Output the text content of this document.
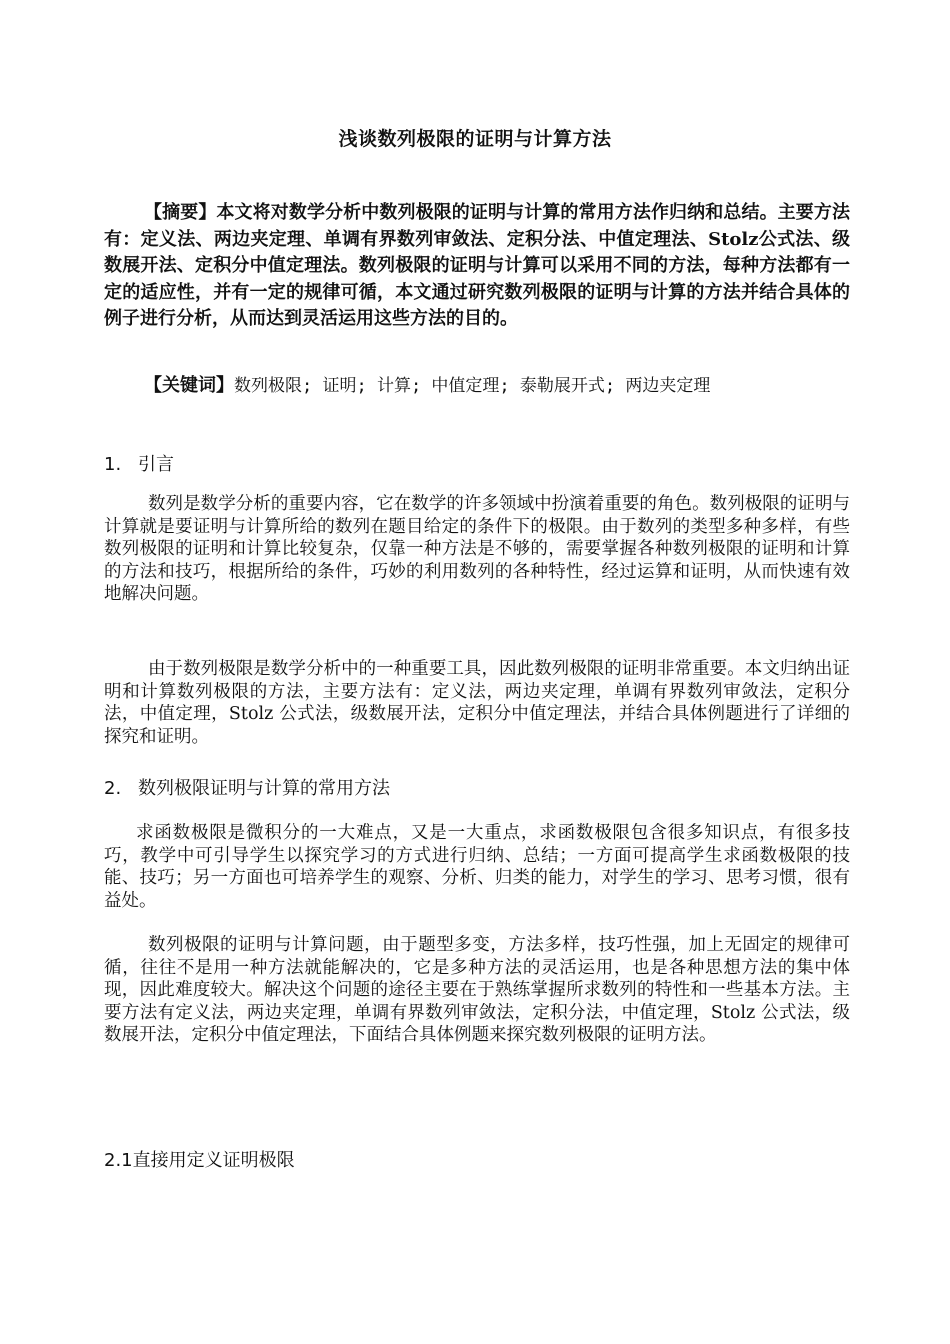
浅谈数列极限的证明与计算方法
【摘要】本文将对数学分析中数列极限的证明与计算的常用方法作归纳和总结。主要方法有：定义法、两边夹定理、单调有界数列审敛法、定积分法、中值定理法、Stolz公式法、级数展开法、定积分中值定理法。数列极限的证明与计算可以采用不同的方法，每种方法都有一定的适应性，并有一定的规律可循，本文通过研究数列极限的证明与计算的方法并结合具体的例子进行分析，从而达到灵活运用这些方法的目的。
【关键词】数列极限; 证明; 计算; 中值定理; 泰勒展开式; 两边夹定理
1. 引言
数列是数学分析的重要内容，它在数学的许多领域中扮演着重要的角色。数列极限的证明与计算就是要证明与计算所给的数列在题目给定的条件下的极限。由于数列的类型多种多样，有些数列极限的证明和计算比较复杂，仅靠一种方法是不够的，需要掌握各种数列极限的证明和计算的方法和技巧，根据所给的条件，巧妙的利用数列的各种特性，经过运算和证明，从而快速有效地解决问题。
由于数列极限是数学分析中的一种重要工具，因此数列极限的证明非常重要。本文归纳出证明和计算数列极限的方法，主要方法有：定义法，两边夹定理，单调有界数列审敛法，定积分法，中值定理，Stolz 公式法，级数展开法，定积分中值定理法，并结合具体例题进行了详细的探究和证明。
2. 数列极限证明与计算的常用方法
求函数极限是微积分的一大难点，又是一大重点，求函数极限包含很多知识点，有很多技巧，教学中可引导学生以探究学习的方式进行归纳、总结；一方面可提高学生求函数极限的技能、技巧；另一方面也可培养学生的观察、分析、归类的能力，对学生的学习、思考习惯，很有益处。
数列极限的证明与计算问题，由于题型多变，方法多样，技巧性强，加上无固定的规律可循，往往不是用一种方法就能解决的，它是多种方法的灵活运用，也是各种思想方法的集中体现，因此难度较大。解决这个问题的途径主要在于熟练掌握所求数列的特性和一些基本方法。主要方法有定义法，两边夹定理，单调有界数列审敛法，定积分法，中值定理，Stolz 公式法，级数展开法，定积分中值定理法，下面结合具体例题来探究数列极限的证明方法。
2.1直接用定义证明极限
